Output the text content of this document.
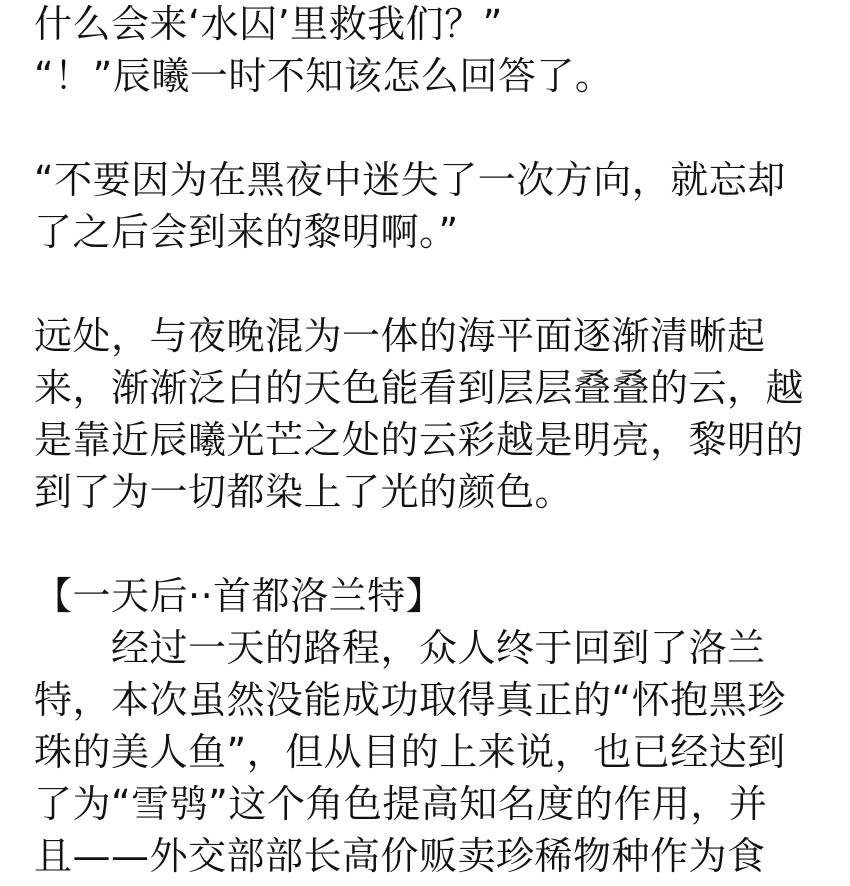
什么会来‘水囚’里救我们？”
“！”辰曦一时不知该怎么回答了。
“不要因为在黑夜中迷失了一次方向，就忘却
了之后会到来的黎明啊。”
远处，与夜晚混为一体的海平面逐渐清晰起
来，渐渐泛白的天色能看到层层叠叠的云，越
是靠近辰曦光芒之处的云彩越是明亮，黎明的
到了为一切都染上了光的颜色。
【一天后··首都洛兰特】
　　经过一天的路程，众人终于回到了洛兰
特，本次虽然没能成功取得真正的“怀抱黑珍
珠的美人鱼”，但从目的上来说，也已经达到
了为“雪鸮”这个角色提高知名度的作用，并
且——外交部部长高价贩卖珍稀物种作为食
